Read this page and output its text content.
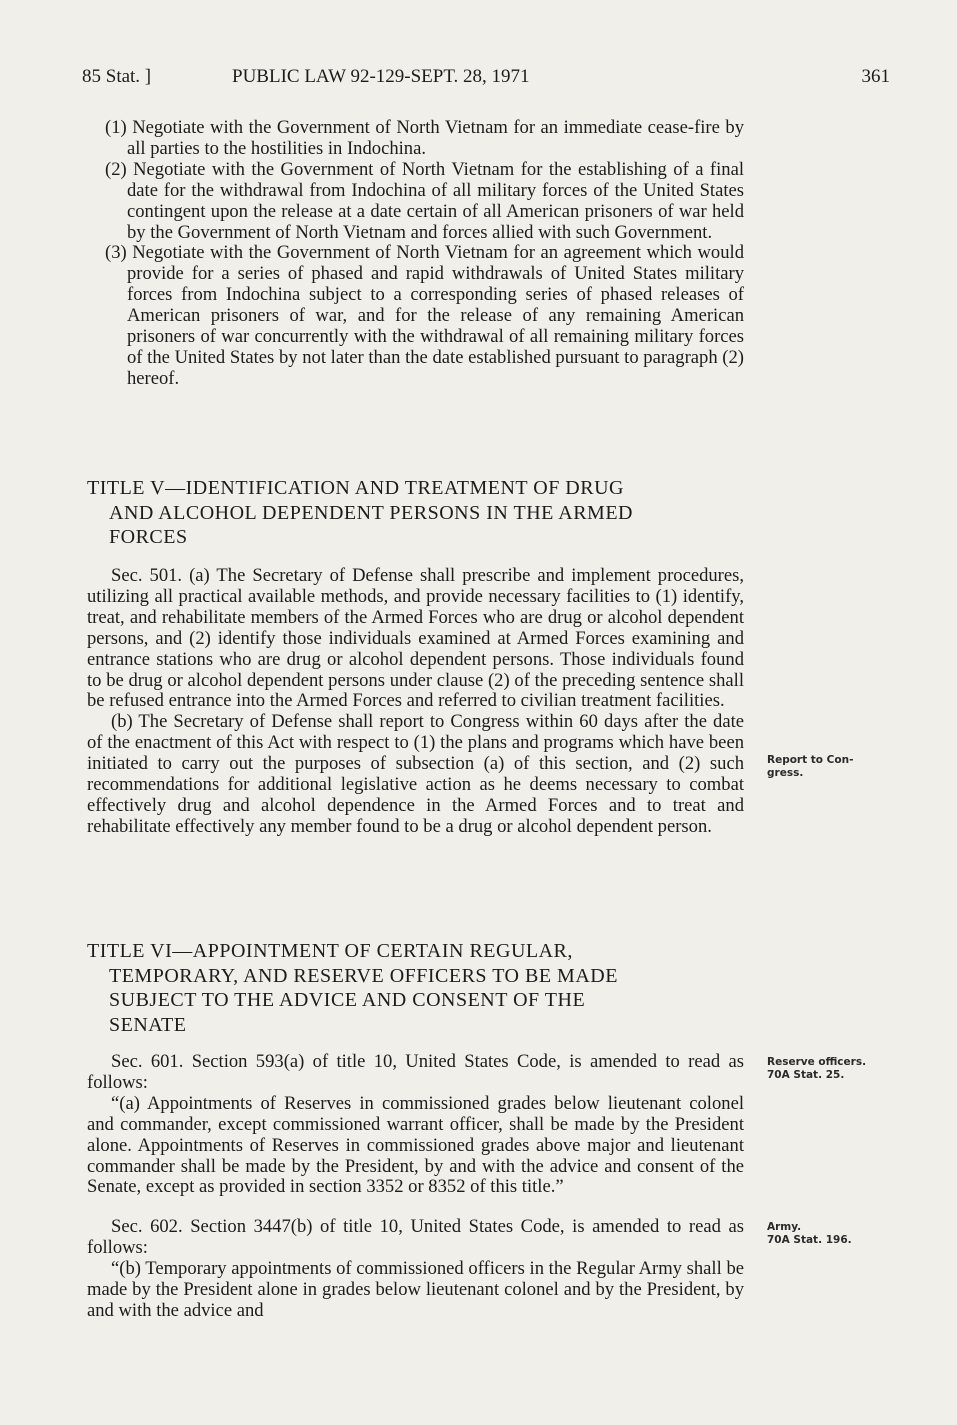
85 Stat. ]	PUBLIC LAW 92-129-SEPT. 28, 1971	361
(1) Negotiate with the Government of North Vietnam for an immediate cease-fire by all parties to the hostilities in Indochina.
(2) Negotiate with the Government of North Vietnam for the establishing of a final date for the withdrawal from Indochina of all military forces of the United States contingent upon the release at a date certain of all American prisoners of war held by the Government of North Vietnam and forces allied with such Government.
(3) Negotiate with the Government of North Vietnam for an agreement which would provide for a series of phased and rapid withdrawals of United States military forces from Indochina subject to a corresponding series of phased releases of American prisoners of war, and for the release of any remaining American prisoners of war concurrently with the withdrawal of all remaining military forces of the United States by not later than the date established pursuant to paragraph (2) hereof.
TITLE V—IDENTIFICATION AND TREATMENT OF DRUG
AND ALCOHOL DEPENDENT PERSONS IN THE ARMED
FORCES
Sec. 501. (a) The Secretary of Defense shall prescribe and implement procedures, utilizing all practical available methods, and provide necessary facilities to (1) identify, treat, and rehabilitate members of the Armed Forces who are drug or alcohol dependent persons, and (2) identify those individuals examined at Armed Forces examining and entrance stations who are drug or alcohol dependent persons. Those individuals found to be drug or alcohol dependent persons under clause (2) of the preceding sentence shall be refused entrance into the Armed Forces and referred to civilian treatment facilities.
(b) The Secretary of Defense shall report to Congress within 60 days after the date of the enactment of this Act with respect to (1) the plans and programs which have been initiated to carry out the purposes of subsection (a) of this section, and (2) such recommendations for additional legislative action as he deems necessary to combat effectively drug and alcohol dependence in the Armed Forces and to treat and rehabilitate effectively any member found to be a drug or alcohol dependent person.
TITLE VI—APPOINTMENT OF CERTAIN REGULAR,
TEMPORARY, AND RESERVE OFFICERS TO BE MADE
SUBJECT TO THE ADVICE AND CONSENT OF THE
SENATE
Sec. 601. Section 593(a) of title 10, United States Code, is amended to read as follows:
“(a) Appointments of Reserves in commissioned grades below lieutenant colonel and commander, except commissioned warrant officer, shall be made by the President alone. Appointments of Reserves in commissioned grades above major and lieutenant commander shall be made by the President, by and with the advice and consent of the Senate, except as provided in section 3352 or 8352 of this title.”
Sec. 602. Section 3447(b) of title 10, United States Code, is amended to read as follows:
“(b) Temporary appointments of commissioned officers in the Regular Army shall be made by the President alone in grades below lieutenant colonel and by the President, by and with the advice and
Report to Con-
gress.
Reserve officers.
70A Stat. 25.
Army.
70A Stat. 196.
